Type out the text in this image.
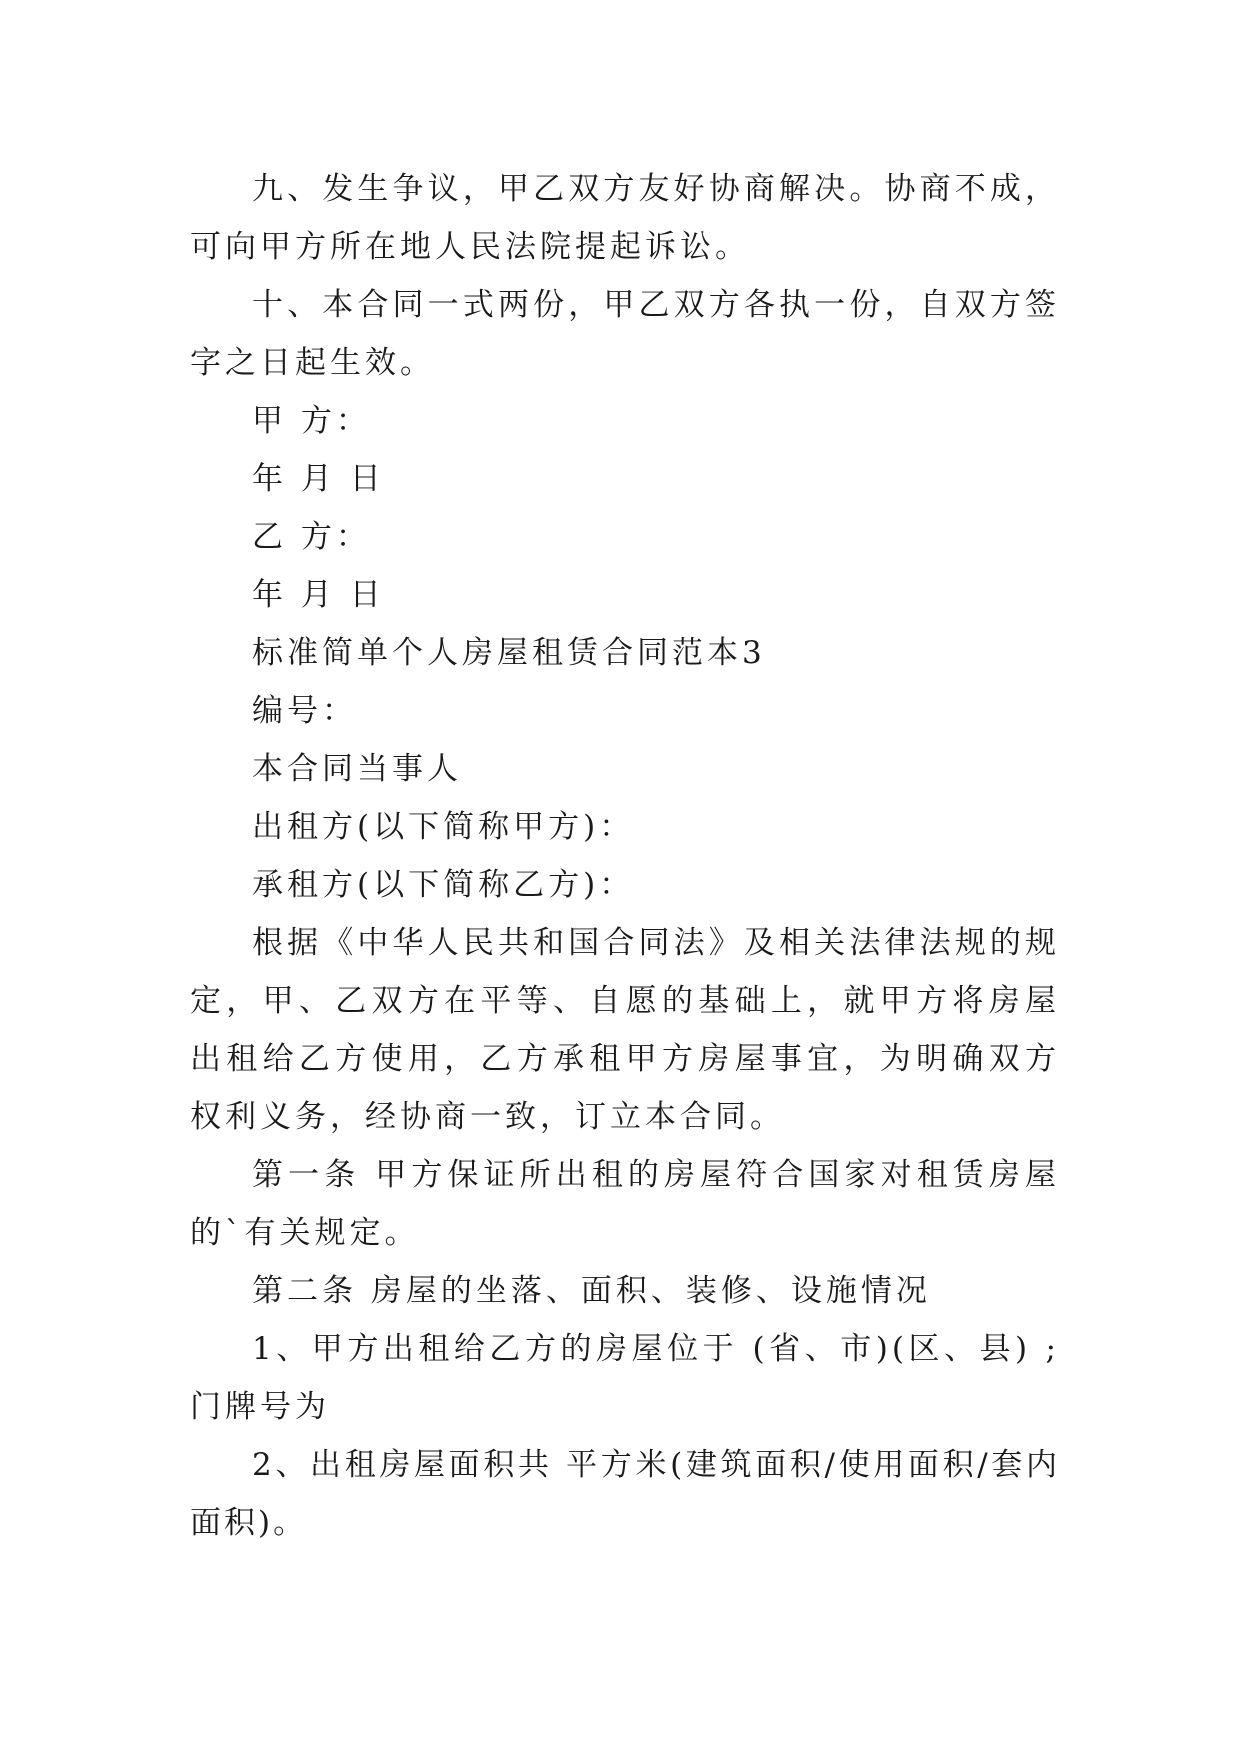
九、发生争议，甲乙双方友好协商解决。协商不成，可向甲方所在地人民法院提起诉讼。

十、本合同一式两份，甲乙双方各执一份，自双方签字之日起生效。

甲 方：

年 月 日

乙 方：

年 月 日

标准简单个人房屋租赁合同范本3

编号：

本合同当事人

出租方(以下简称甲方)：

承租方(以下简称乙方)：

根据《中华人民共和国合同法》及相关法律法规的规定，甲、乙双方在平等、自愿的基础上，就甲方将房屋出租给乙方使用，乙方承租甲方房屋事宜，为明确双方权利义务，经协商一致，订立本合同。

第一条 甲方保证所出租的房屋符合国家对租赁房屋的`有关规定。

第二条 房屋的坐落、面积、装修、设施情况

1、甲方出租给乙方的房屋位于 (省、市)(区、县) ;门牌号为

2、出租房屋面积共 平方米(建筑面积/使用面积/套内面积)。
